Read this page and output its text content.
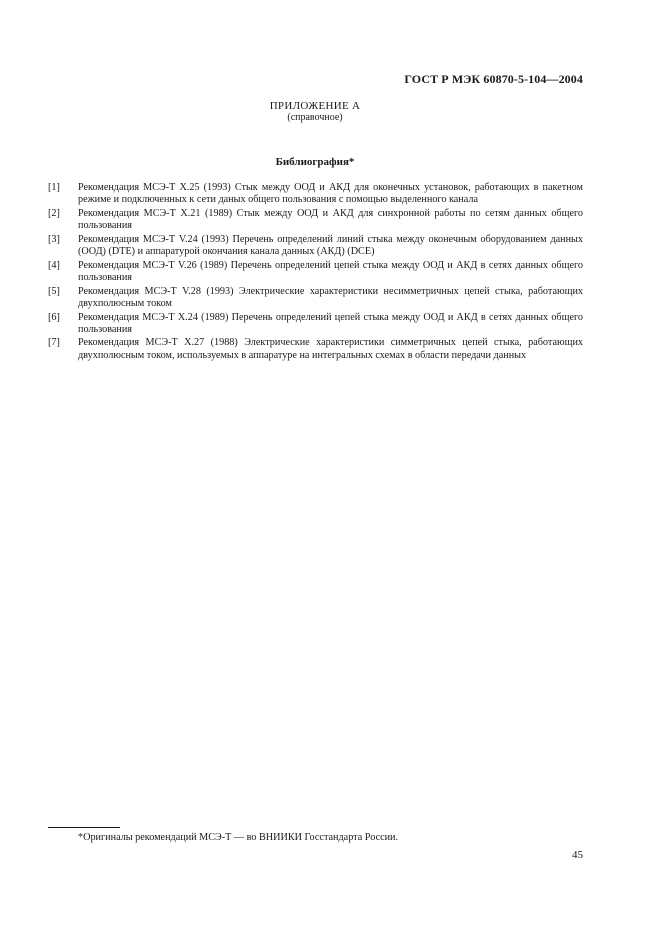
ГОСТ Р МЭК 60870-5-104—2004
ПРИЛОЖЕНИЕ А
(справочное)
Библиография*
[1]	Рекомендация МСЭ-Т X.25 (1993) Стык между ООД и АКД для оконечных установок, работающих в пакетном режиме и подключенных к сети даных общего пользования с помощью выделенного канала
[2]	Рекомендация МСЭ-Т X.21 (1989) Стык между ООД и АКД для синхронной работы по сетям данных общего пользования
[3]	Рекомендация МСЭ-Т V.24 (1993) Перечень определений линий стыка между оконечным оборудованием данных (ООД) (DTE) и аппаратурой окончания канала данных (АКД) (DCE)
[4]	Рекомендация МСЭ-Т V.26 (1989) Перечень определений цепей стыка между ООД и АКД в сетях данных общего пользования
[5]	Рекомендация МСЭ-Т V.28 (1993) Электрические характеристики несимметричных цепей стыка, работающих двухполюсным током
[6]	Рекомендация МСЭ-Т X.24 (1989) Перечень определений цепей стыка между ООД и АКД в сетях данных общего пользования
[7]	Рекомендация МСЭ-Т X.27 (1988) Электрические характеристики симметричных цепей стыка, работающих двухполюсным током, используемых в аппаратуре на интегральных схемах в области передачи данных
*Оригиналы рекомендаций МСЭ-Т — во ВНИИКИ Госстандарта России.
45
